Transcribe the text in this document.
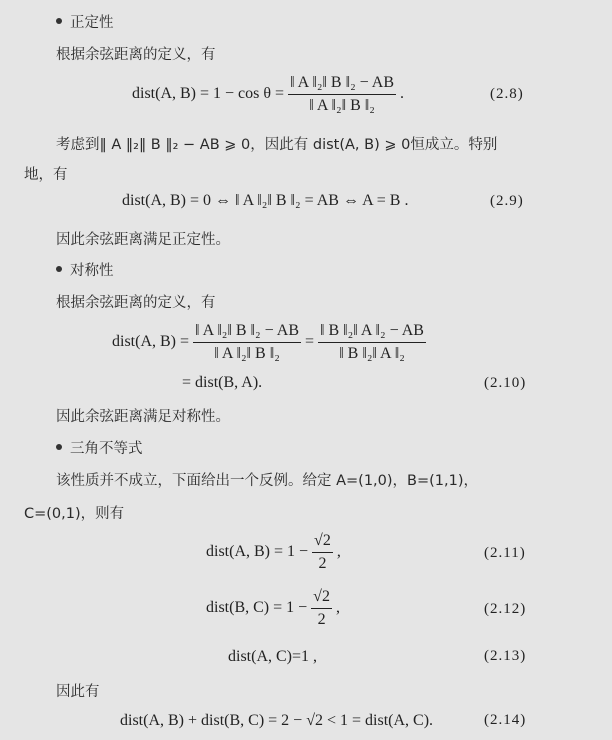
正定性
根据余弦距离的定义，有
dist(A, $B) = 1 - \cos \theta = \frac{\text{‖ A ‖₂‖ B ‖₂ − AB}}{\text{‖ A ‖₂‖ B ‖₂}}$ .	(2.8)
考虑到‖ A ‖₂‖ B ‖₂ − AB ⩾ 0，因此有 dist(A, B) ⩾ 0恒成立。特别
地，有
dist(A, B) = 0 ⇔ ‖ A ‖₂‖ B ‖₂ = AB ⇔ A = B .	(2.9)
因此余弦距离满足正定性。
对称性
根据余弦距离的定义，有
dist(A, $B) = \frac{\text{‖ A ‖₂‖ B ‖₂ − AB}}{\text{‖ A ‖₂‖ B ‖₂}} = \frac{\text{‖ B ‖₂‖ A ‖₂ − AB}}{\text{‖ B ‖₂‖ A ‖₂}}$
= dist(B, A).	(2.10)
因此余弦距离满足对称性。
三角不等式
该性质并不成立，下面给出一个反例。给定 A=(1,0)，B=(1,1)，
C=(0,1)，则有
dist(A, $B) = 1 - \frac{√2}{2}$ ,	(2.11)
dist(B, $C) = 1 - \frac{√2}{2}$ ,	(2.12)
dist(A, C)=1 ,	(2.13)
因此有
dist(A, B) + dist(B, C) = 2 − √2 < 1 = dist(A, C).	(2.14)
